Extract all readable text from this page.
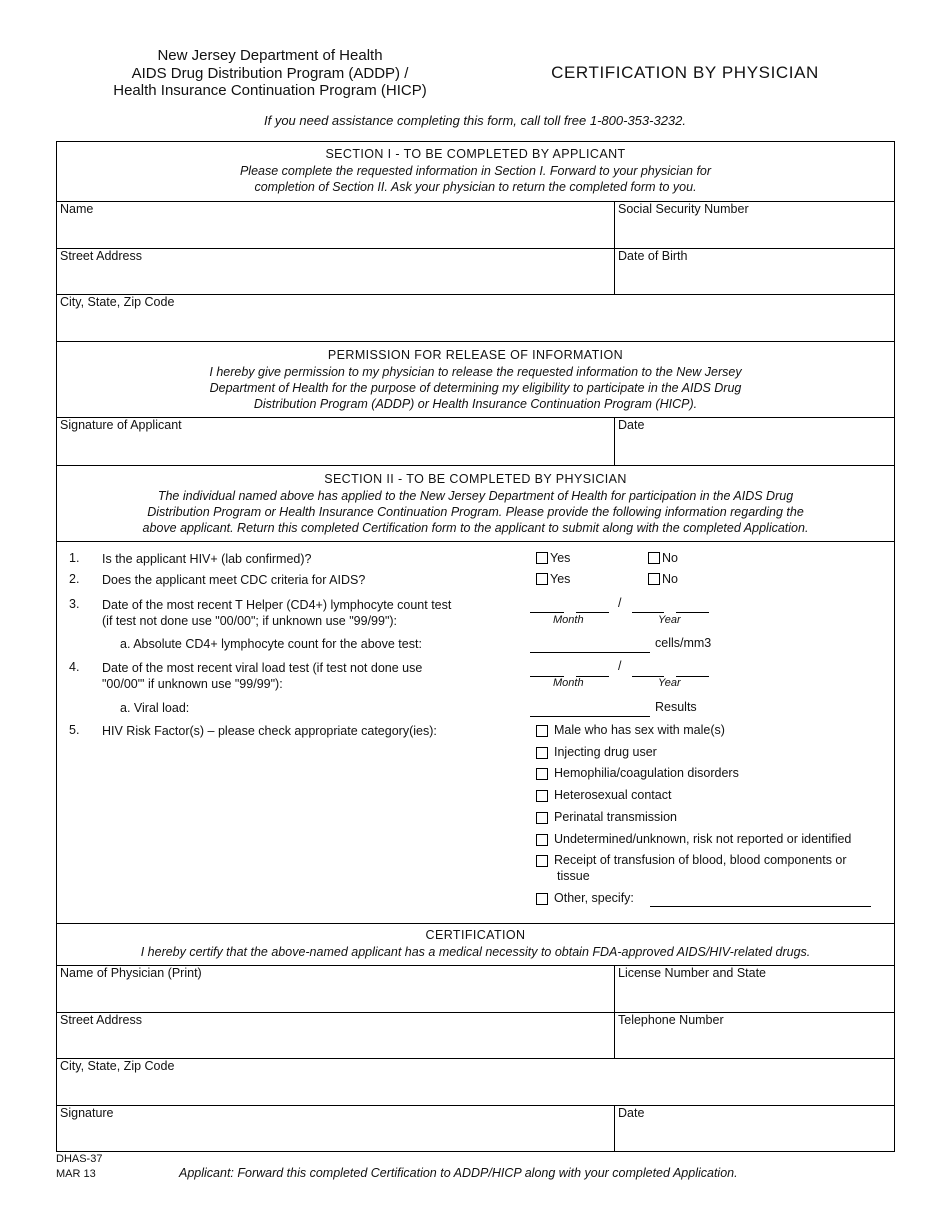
New Jersey Department of Health
AIDS Drug Distribution Program (ADDP) /
Health Insurance Continuation Program (HICP)
CERTIFICATION BY PHYSICIAN
If you need assistance completing this form, call toll free 1-800-353-3232.
SECTION I - TO BE COMPLETED BY APPLICANT
Please complete the requested information in Section I. Forward to your physician for
completion of Section II. Ask your physician to return the completed form to you.
Name	Social Security Number
Street Address	Date of Birth
City, State, Zip Code
PERMISSION FOR RELEASE OF INFORMATION
I hereby give permission to my physician to release the requested information to the New Jersey
Department of Health for the purpose of determining my eligibility to participate in the AIDS Drug
Distribution Program (ADDP) or Health Insurance Continuation Program (HICP).
Signature of Applicant	Date
SECTION II - TO BE COMPLETED BY PHYSICIAN
The individual named above has applied to the New Jersey Department of Health for participation in the AIDS Drug
Distribution Program or Health Insurance Continuation Program. Please provide the following information regarding the
above applicant. Return this completed Certification form to the applicant to submit along with the completed Application.
1. Is the applicant HIV+ (lab confirmed)?	Yes	No
2. Does the applicant meet CDC criteria for AIDS?	Yes	No
3. Date of the most recent T Helper (CD4+) lymphocyte count test
(if test not done use "00/00"; if unknown use "99/99"):
/
Month	Year
a. Absolute CD4+ lymphocyte count for the above test:	cells/mm3
4. Date of the most recent viral load test (if test not done use
"00/00"' if unknown use "99/99"):
/
Month	Year
a. Viral load:	Results
5. HIV Risk Factor(s) – please check appropriate category(ies):	Male who has sex with male(s)
Injecting drug user
Hemophilia/coagulation disorders
Heterosexual contact
Perinatal transmission
Undetermined/unknown, risk not reported or identified
Receipt of transfusion of blood, blood components or
tissue
Other, specify:
CERTIFICATION
I hereby certify that the above-named applicant has a medical necessity to obtain FDA-approved AIDS/HIV-related drugs.
Name of Physician (Print)	License Number and State
Street Address	Telephone Number
City, State, Zip Code
Signature	Date
DHAS-37
MAR 13	Applicant: Forward this completed Certification to ADDP/HICP along with your completed Application.
